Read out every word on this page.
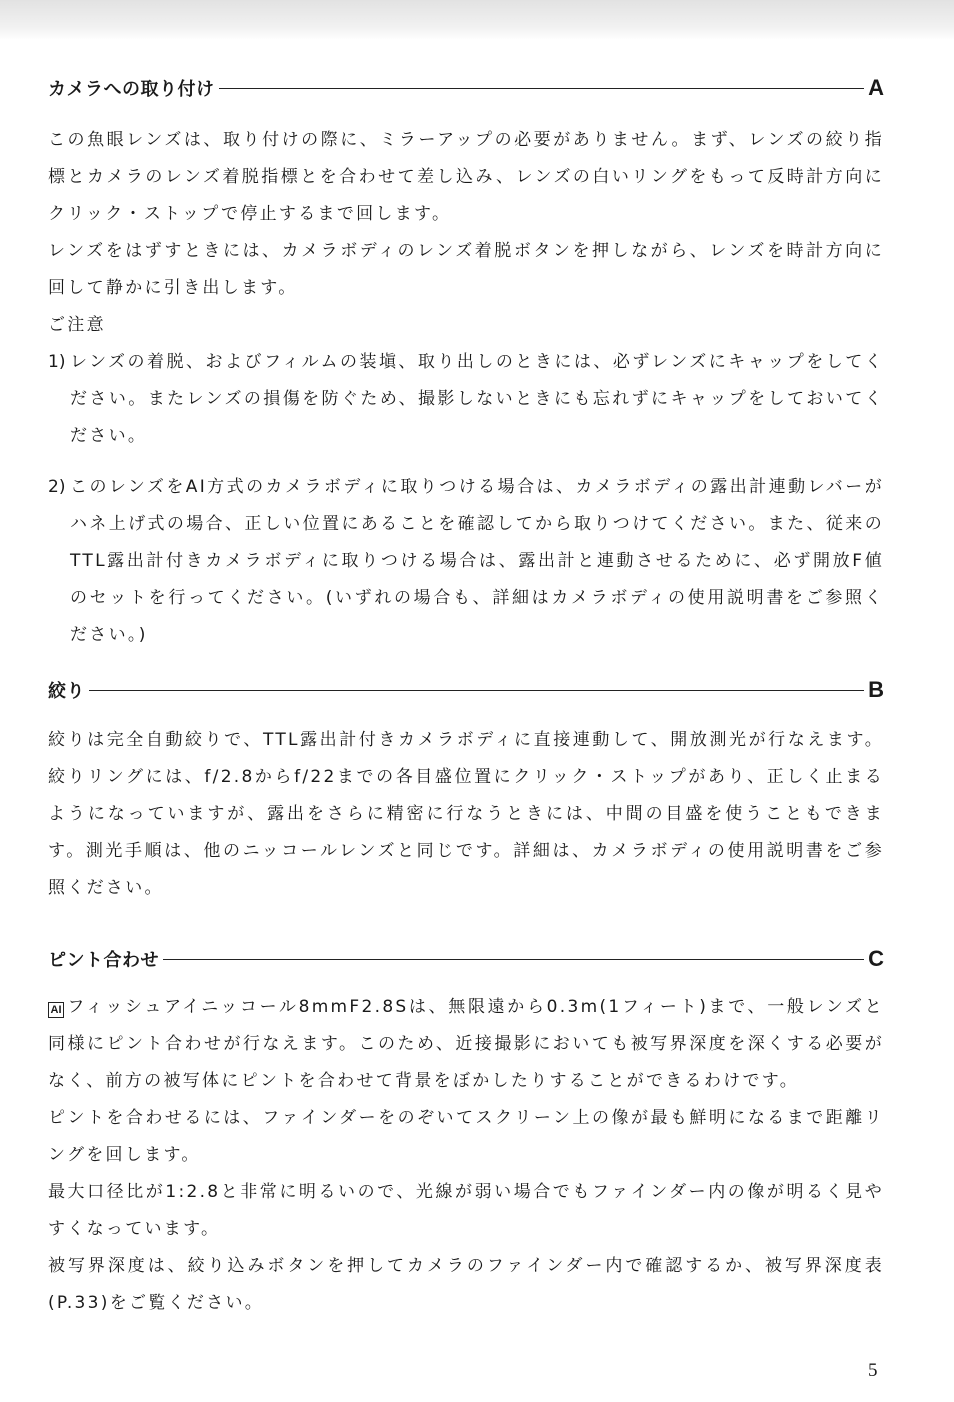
カメラへの取り付け	A

この魚眼レンズは、取り付けの際に、ミラーアップの必要がありません。まず、レンズの絞り指標とカメラのレンズ着脱指標とを合わせて差し込み、レンズの白いリングをもって反時計方向にクリック・ストップで停止するまで回します。

レンズをはずすときには、カメラボディのレンズ着脱ボタンを押しながら、レンズを時計方向に回して静かに引き出します。

ご注意

1) レンズの着脱、およびフィルムの装塡、取り出しのときには、必ずレンズにキャップをしてください。またレンズの損傷を防ぐため、撮影しないときにも忘れずにキャップをしておいてください。
2) このレンズをAI方式のカメラボディに取りつける場合は、カメラボディの露出計連動レバーがハネ上げ式の場合、正しい位置にあることを確認してから取りつけてください。また、従来のTTL露出計付きカメラボディに取りつける場合は、露出計と連動させるために、必ず開放F値のセットを行ってください。(いずれの場合も、詳細はカメラボディの使用説明書をご参照ください。)
絞り	B

絞りは完全自動絞りで、TTL露出計付きカメラボディに直接連動して、開放測光が行なえます。絞りリングには、f/2.8からf/22までの各目盛位置にクリック・ストップがあり、正しく止まるようになっていますが、露出をさらに精密に行なうときには、中間の目盛を使うこともできます。測光手順は、他のニッコールレンズと同じです。詳細は、カメラボディの使用説明書をご参照ください。

ピント合わせ	C

AI フィッシュアイニッコール8mmF2.8Sは、無限遠から0.3m(1フィート)まで、一般レンズと同様にピント合わせが行なえます。このため、近接撮影においても被写界深度を深くする必要がなく、前方の被写体にピントを合わせて背景をぼかしたりすることができるわけです。

ピントを合わせるには、ファインダーをのぞいてスクリーン上の像が最も鮮明になるまで距離リングを回します。

最大口径比が1:2.8と非常に明るいので、光線が弱い場合でもファインダー内の像が明るく見やすくなっています。

被写界深度は、絞り込みボタンを押してカメラのファインダー内で確認するか、被写界深度表(P.33)をご覧ください。

5
